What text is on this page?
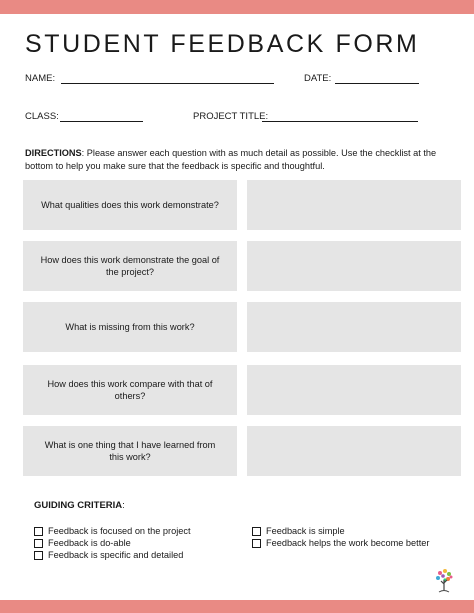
STUDENT FEEDBACK FORM
NAME:	DATE:
CLASS:	PROJECT TITLE:
DIRECTIONS: Please answer each question with as much detail as possible. Use the checklist at the bottom to help you make sure that the feedback is specific and thoughtful.
What qualities does this work demonstrate?
How does this work demonstrate the goal of the project?
What is missing from this work?
How does this work compare with that of others?
What is one thing that I have learned from this work?
GUIDING CRITERIA:
Feedback is focused on the project
Feedback is do-able
Feedback is specific and detailed
Feedback is simple
Feedback helps the work become better
